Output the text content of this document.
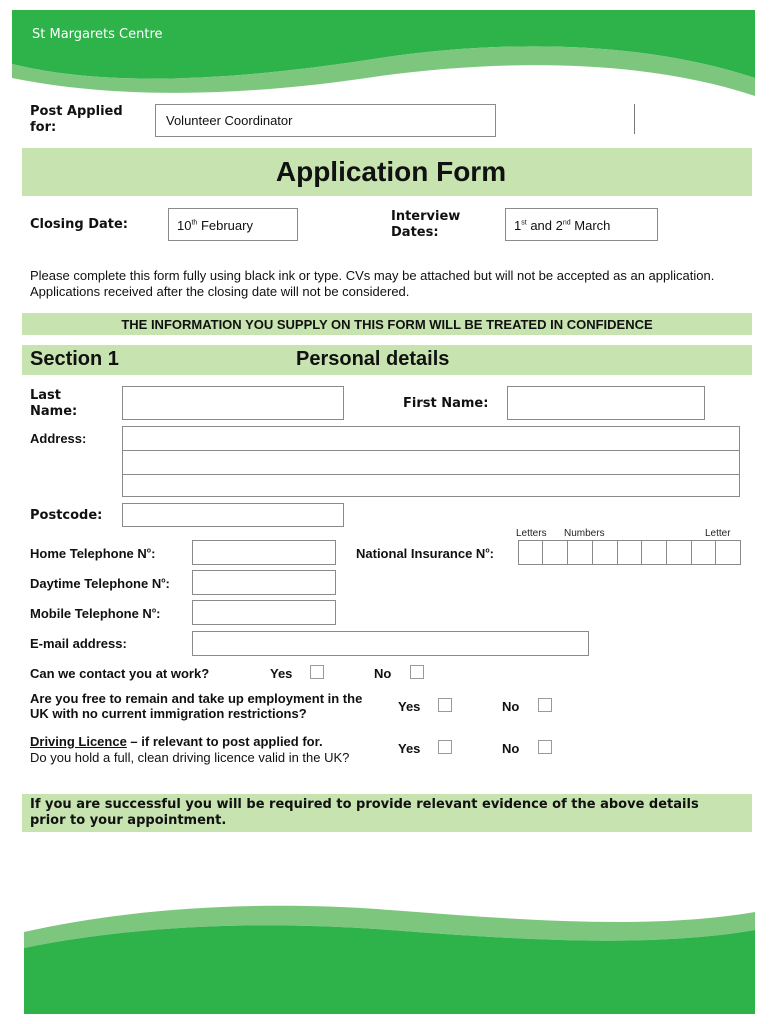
St Margarets Centre
Post Applied for:	Volunteer Coordinator
Application Form
Closing Date:	10th February
Interview Dates:	1st and 2nd March
Please complete this form fully using black ink or type. CVs may be attached but will not be accepted as an application. Applications received after the closing date will not be considered.
THE INFORMATION YOU SUPPLY ON THIS FORM WILL BE TREATED IN CONFIDENCE
Section 1	Personal details
Last Name:
First Name:
Address:
Postcode:
Letters Numbers	Letter
Home Telephone $N^o$:	National Insurance $N^o$:
Daytime Telephone $N^o$:
Mobile Telephone $N^o$:
E-mail address:
Can we contact you at work?	Yes	No
Are you free to remain and take up employment in the UK with no current immigration restrictions?	Yes	No
Driving Licence – if relevant to post applied for.
Do you hold a full, clean driving licence valid in the UK?
Yes	No
If you are successful you will be required to provide relevant evidence of the above details prior to your appointment.
